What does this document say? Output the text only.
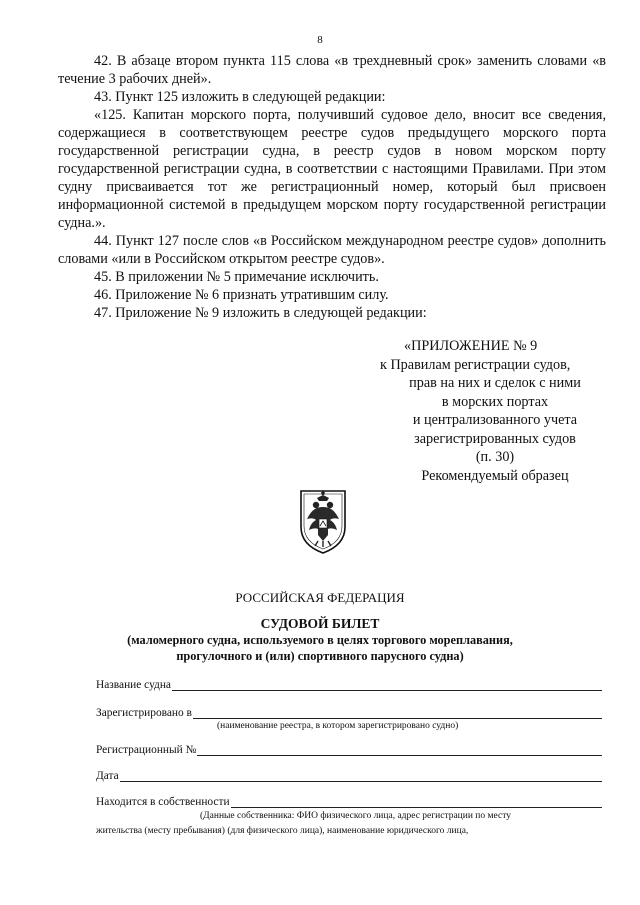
8

42. В абзаце втором пункта 115 слова «в трехдневный срок» заменить словами «в течение 3 рабочих дней».

43. Пункт 125 изложить в следующей редакции:

«125. Капитан морского порта, получивший судовое дело, вносит все сведения, содержащиеся в соответствующем реестре судов предыдущего морского порта государственной регистрации судна, в реестр судов в новом морском порту государственной регистрации судна, в соответствии с настоящими Правилами. При этом судну присваивается тот же регистрационный номер, который был присвоен информационной системой в предыдущем морском порту государственной регистрации судна.».

44. Пункт 127 после слов «в Российском международном реестре судов» дополнить словами «или в Российском открытом реестре судов».

45. В приложении № 5 примечание исключить.

46. Приложение № 6 признать утратившим силу.

47. Приложение № 9 изложить в следующей редакции:

«ПРИЛОЖЕНИЕ № 9
к Правилам регистрации судов,
прав на них и сделок с ними
в морских портах
и централизованного учета
зарегистрированных судов
(п. 30)
Рекомендуемый образец
РОССИЙСКАЯ ФЕДЕРАЦИЯ
СУДОВОЙ БИЛЕТ
(маломерного судна, используемого в целях торгового мореплавания,
прогулочного и (или) спортивного парусного судна)
Название судна
Зарегистрировано в
(наименование реестра, в котором зарегистрировано судно)
Регистрационный №
Дата
Находится в собственности
(Данные собственника: ФИО физического лица, адрес регистрации по месту
жительства (месту пребывания) (для физического лица), наименование юридического лица,
